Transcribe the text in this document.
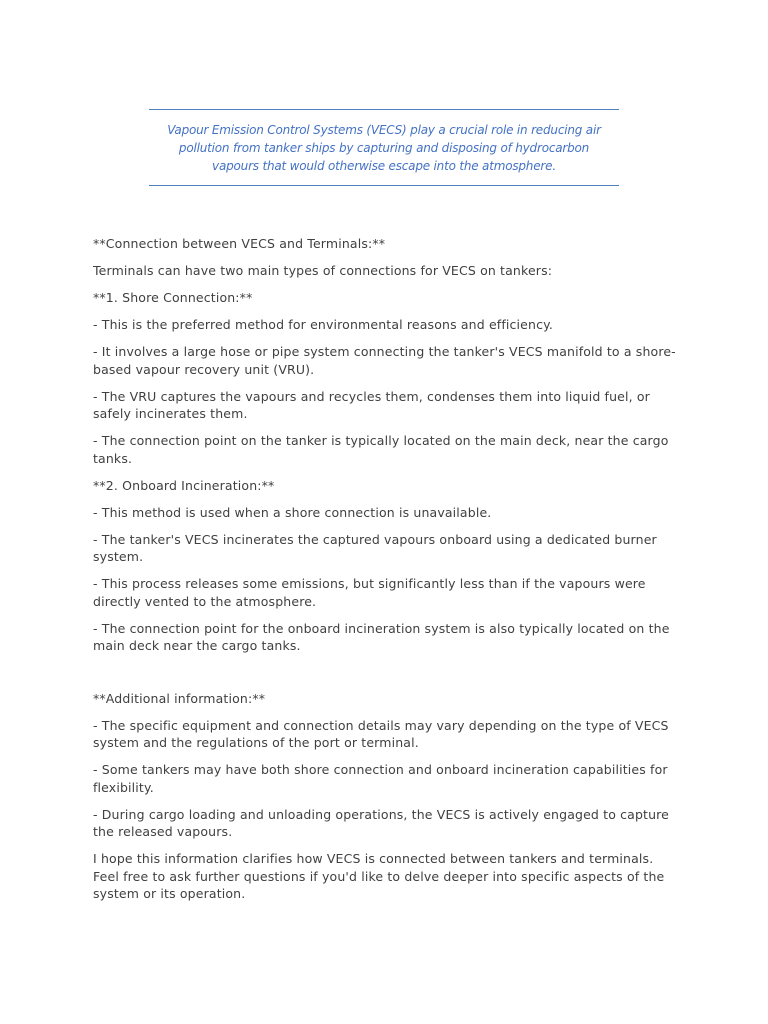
Vapour Emission Control Systems (VECS) play a crucial role in reducing air pollution from tanker ships by capturing and disposing of hydrocarbon vapours that would otherwise escape into the atmosphere.

**Connection between VECS and Terminals:**

Terminals can have two main types of connections for VECS on tankers:

**1. Shore Connection:**

- This is the preferred method for environmental reasons and efficiency.

- It involves a large hose or pipe system connecting the tanker's VECS manifold to a shore-based vapour recovery unit (VRU).

- The VRU captures the vapours and recycles them, condenses them into liquid fuel, or safely incinerates them.

- The connection point on the tanker is typically located on the main deck, near the cargo tanks.

**2. Onboard Incineration:**

- This method is used when a shore connection is unavailable.

- The tanker's VECS incinerates the captured vapours onboard using a dedicated burner system.

- This process releases some emissions, but significantly less than if the vapours were directly vented to the atmosphere.

- The connection point for the onboard incineration system is also typically located on the main deck near the cargo tanks.

**Additional information:**

- The specific equipment and connection details may vary depending on the type of VECS system and the regulations of the port or terminal.

- Some tankers may have both shore connection and onboard incineration capabilities for flexibility.

- During cargo loading and unloading operations, the VECS is actively engaged to capture the released vapours.

I hope this information clarifies how VECS is connected between tankers and terminals. Feel free to ask further questions if you'd like to delve deeper into specific aspects of the system or its operation.
